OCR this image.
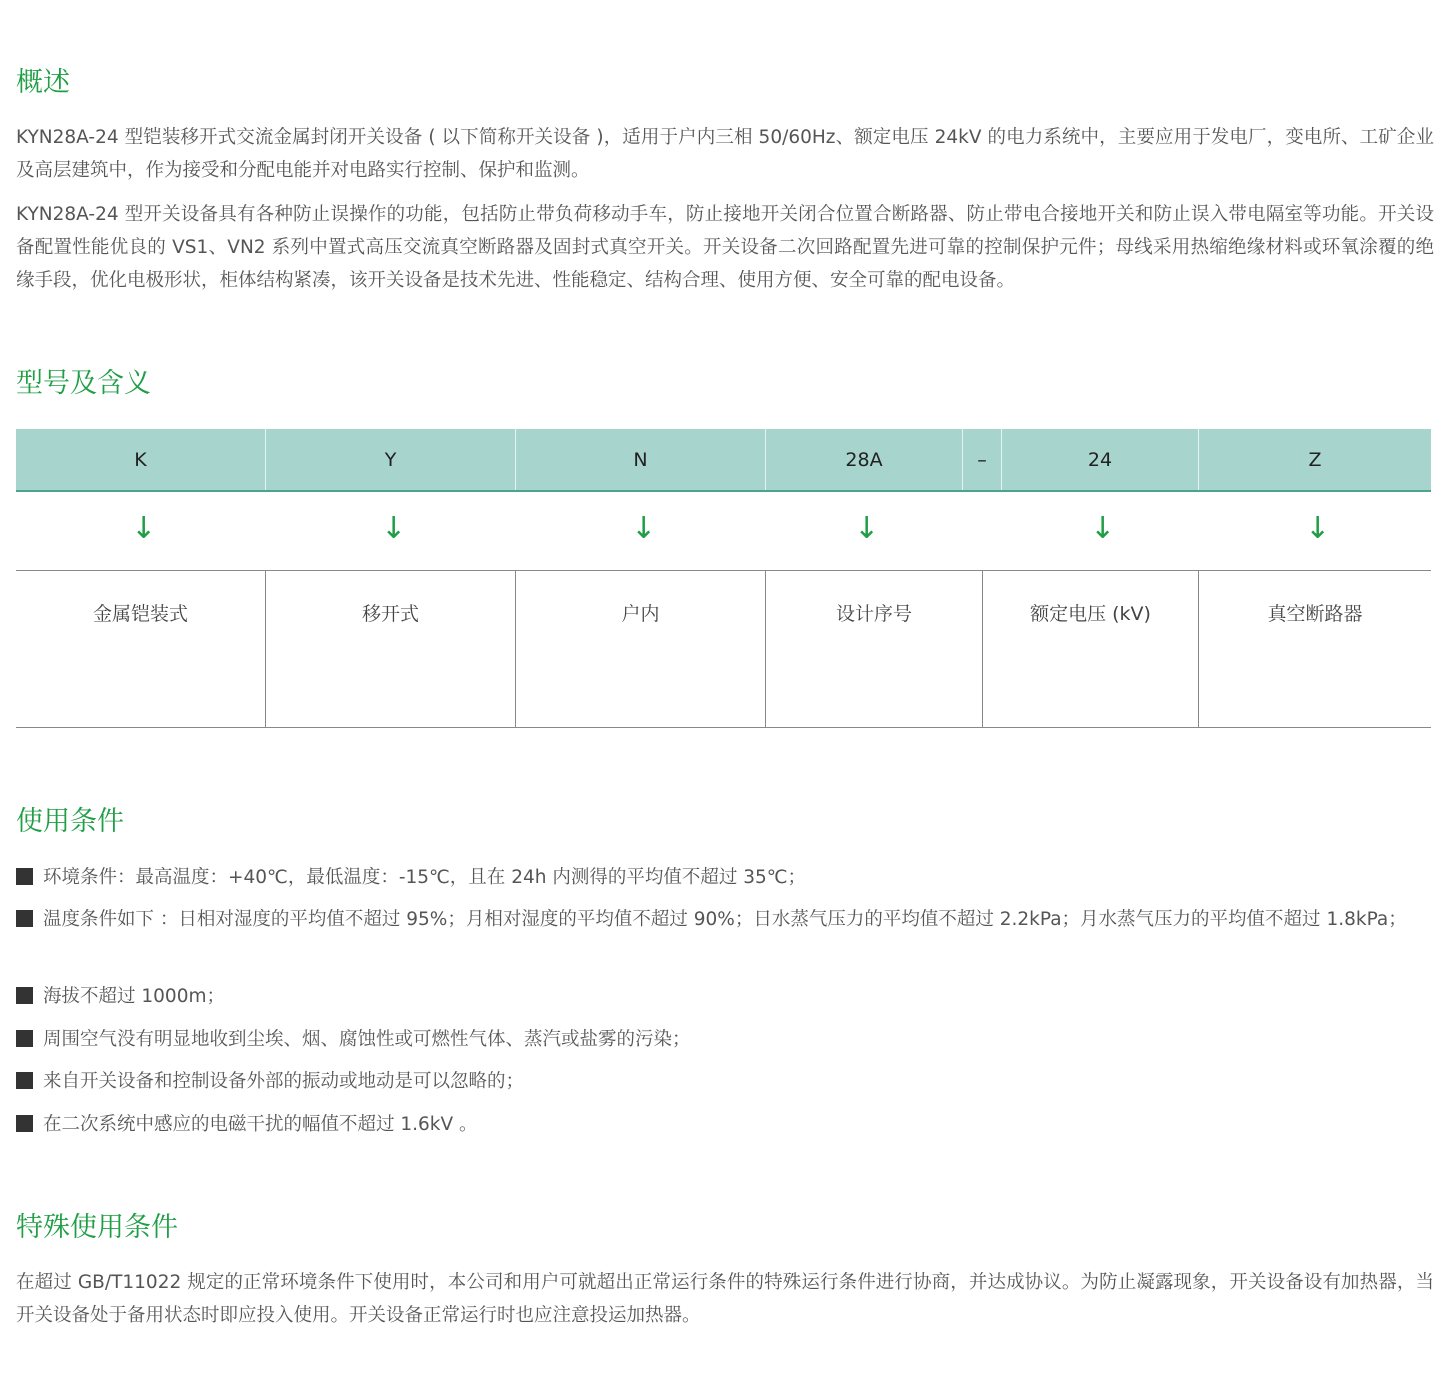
概述

KYN28A-24 型铠装移开式交流金属封闭开关设备 ( 以下简称开关设备 )，适用于户内三相 50/60Hz、额定电压 24kV 的电力系统中，主要应用于发电厂，变电所、工矿企业及高层建筑中，作为接受和分配电能并对电路实行控制、保护和监测。

KYN28A-24 型开关设备具有各种防止误操作的功能，包括防止带负荷移动手车，防止接地开关闭合位置合断路器、防止带电合接地开关和防止误入带电隔室等功能。开关设备配置性能优良的 VS1、VN2 系列中置式高压交流真空断路器及固封式真空开关。开关设备二次回路配置先进可靠的控制保护元件；母线采用热缩绝缘材料或环氧涂覆的绝缘手段，优化电极形状，柜体结构紧凑，该开关设备是技术先进、性能稳定、结构合理、使用方便、安全可靠的配电设备。

型号及含义
K	Y	N	28A	–	24	Z
↓	↓	↓	↓	↓	↓
金属铠装式	移开式	户内	设计序号	额定电压 (kV)	真空断路器
使用条件

环境条件：最高温度：+40℃，最低温度：-15℃，且在 24h 内测得的平均值不超过 35℃；

温度条件如下 ：日相对湿度的平均值不超过 95%；月相对湿度的平均值不超过 90%；日水蒸气压力的平均值不超过 2.2kPa；月水蒸气压力的平均值不超过 1.8kPa；

海拔不超过 1000m；

周围空气没有明显地收到尘埃、烟、腐蚀性或可燃性气体、蒸汽或盐雾的污染；

来自开关设备和控制设备外部的振动或地动是可以忽略的；

在二次系统中感应的电磁干扰的幅值不超过 1.6kV 。

特殊使用条件

在超过 GB/T11022 规定的正常环境条件下使用时，本公司和用户可就超出正常运行条件的特殊运行条件进行协商，并达成协议。为防止凝露现象，开关设备设有加热器，当开关设备处于备用状态时即应投入使用。开关设备正常运行时也应注意投运加热器。
